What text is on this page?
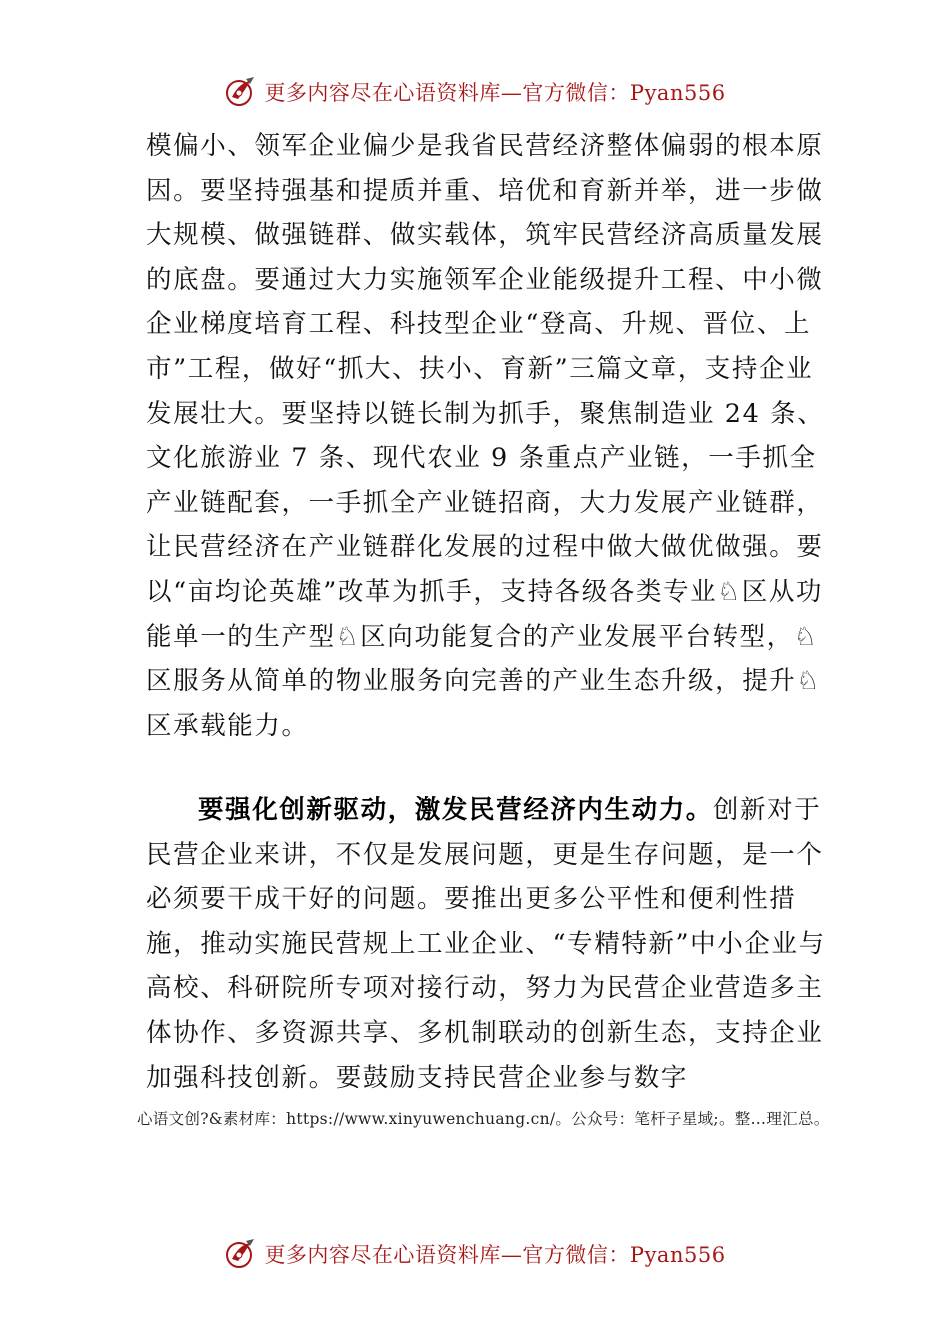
更多内容尽在心语资料库—官方微信：Pyan556

模偏小、领军企业偏少是我省民营经济整体偏弱的根本原因。要坚持强基和提质并重、培优和育新并举，进一步做大规模、做强链群、做实载体，筑牢民营经济高质量发展的底盘。要通过大力实施领军企业能级提升工程、中小微企业梯度培育工程、科技型企业“登高、升规、晋位、上市”工程，做好“抓大、扶小、育新”三篇文章，支持企业发展壮大。要坚持以链长制为抓手，聚焦制造业 24 条、文化旅游业 7 条、现代农业 9 条重点产业链，一手抓全产业链配套，一手抓全产业链招商，大力发展产业链群，让民营经济在产业链群化发展的过程中做大做优做强。要以“亩均论英雄”改革为抓手，支持各级各类专业♘区从功能单一的生产型♘区向功能复合的产业发展平台转型，♘区服务从简单的物业服务向完善的产业生态升级，提升♘区承载能力。

要强化创新驱动，激发民营经济内生动力。创新对于民营企业来讲，不仅是发展问题，更是生存问题，是一个必须要干成干好的问题。要推出更多公平性和便利性措施，推动实施民营规上工业企业、“专精特新”中小企业与高校、科研院所专项对接行动，努力为民营企业营造多主体协作、多资源共享、多机制联动的创新生态，支持企业加强科技创新。要鼓励支持民营企业参与数字

心语文创?&素材库：https://www.xinyuwenchuang.cn/。公众号：笔杆子星域;。整…理汇总。

更多内容尽在心语资料库—官方微信：Pyan556
